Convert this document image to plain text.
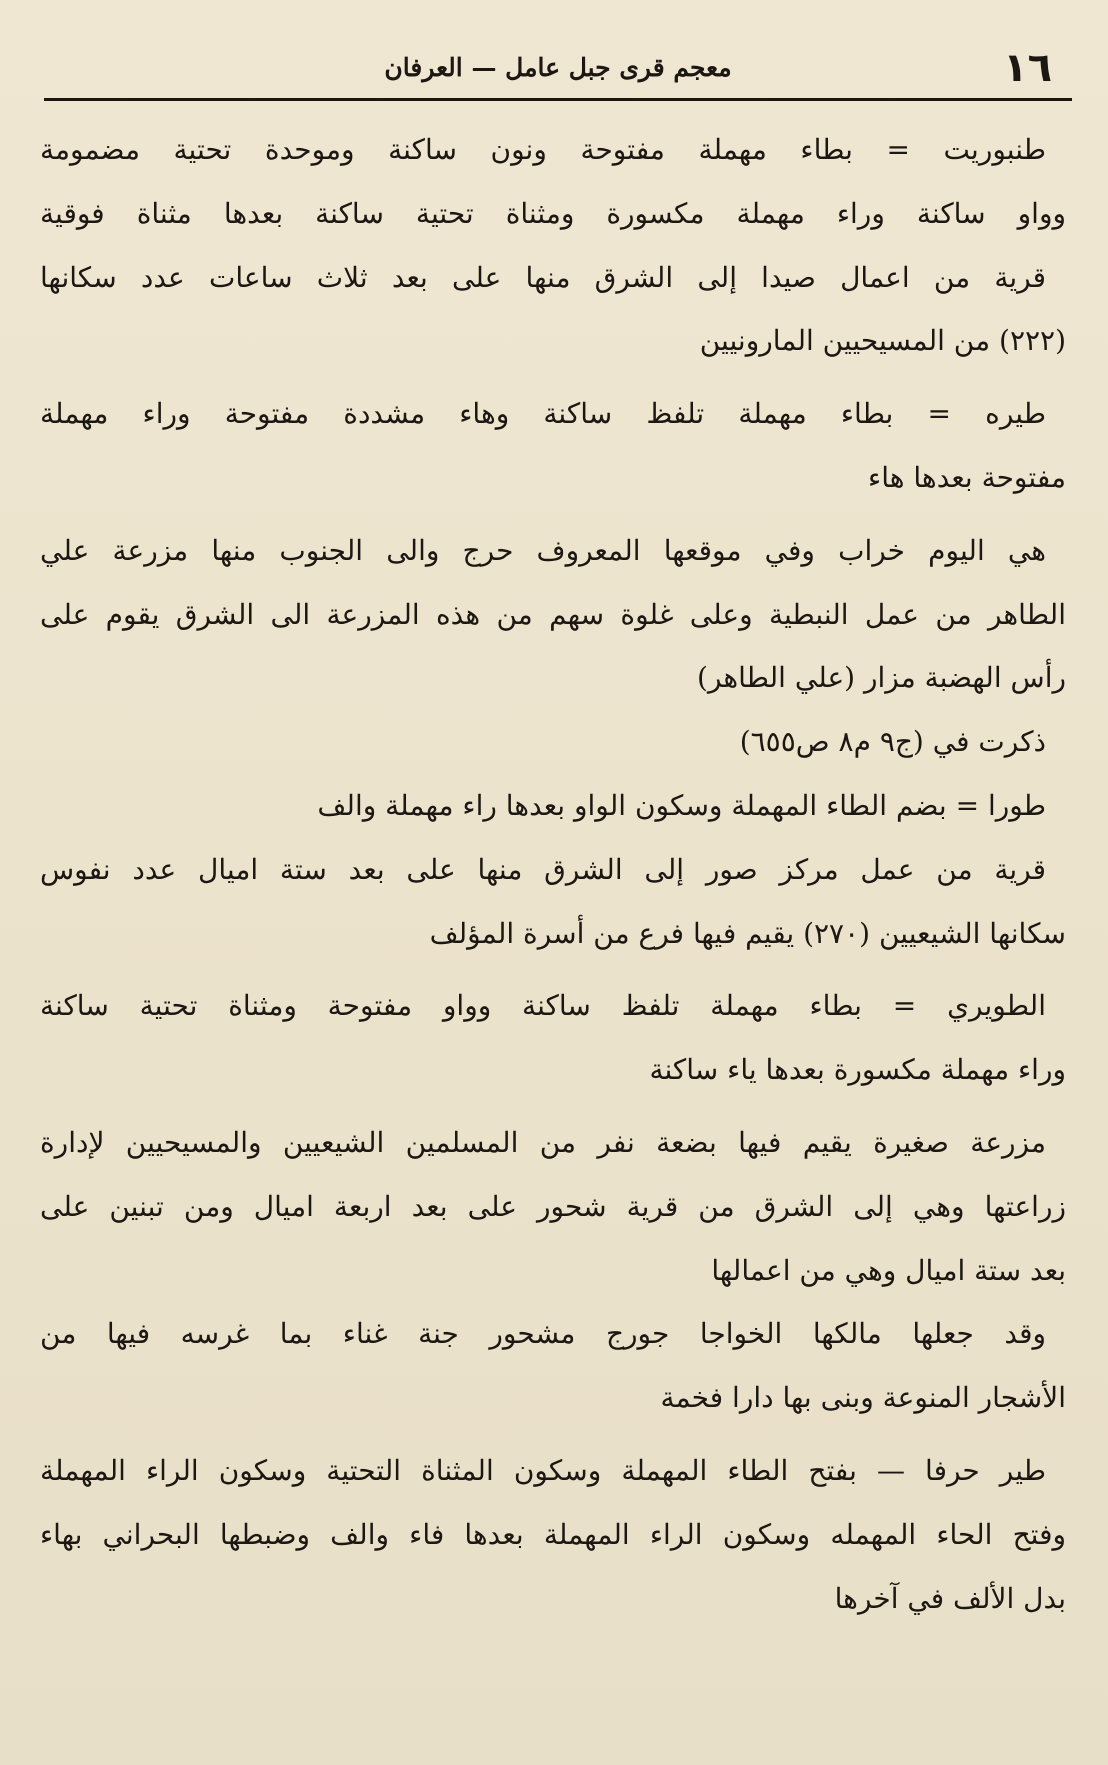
١٦
معجم قرى جبل عامل — العرفان
طنبوريت = بطاء مهملة مفتوحة ونون ساكنة وموحدة تحتية مضمومة
وواو ساكنة وراء مهملة مكسورة ومثناة تحتية ساكنة بعدها مثناة فوقية
قرية من اعمال صيدا إلى الشرق منها على بعد ثلاث ساعات عدد سكانها
(٢٢٢) من المسيحيين المارونيين
طيره = بطاء مهملة تلفظ ساكنة وهاء مشددة مفتوحة وراء مهملة
مفتوحة بعدها هاء
هي اليوم خراب وفي موقعها المعروف حرج والى الجنوب منها مزرعة علي
الطاهر من عمل النبطية وعلى غلوة سهم من هذه المزرعة الى الشرق يقوم على
رأس الهضبة مزار (علي الطاهر)
ذكرت في (ج٩ م٨ ص٦٥٥)
طورا = بضم الطاء المهملة وسكون الواو بعدها راء مهملة والف
قرية من عمل مركز صور إلى الشرق منها على بعد ستة اميال عدد نفوس
سكانها الشيعيين (٢٧٠) يقيم فيها فرع من أسرة المؤلف
الطويري = بطاء مهملة تلفظ ساكنة وواو مفتوحة ومثناة تحتية ساكنة
وراء مهملة مكسورة بعدها ياء ساكنة
مزرعة صغيرة يقيم فيها بضعة نفر من المسلمين الشيعيين والمسيحيين لإدارة
زراعتها وهي إلى الشرق من قرية شحور على بعد اربعة اميال ومن تبنين على
بعد ستة اميال وهي من اعمالها
وقد جعلها مالكها الخواجا جورج مشحور جنة غناء بما غرسه فيها من
الأشجار المنوعة وبنى بها دارا فخمة
طير حرفا — بفتح الطاء المهملة وسكون المثناة التحتية وسكون الراء المهملة
وفتح الحاء المهمله وسكون الراء المهملة بعدها فاء والف وضبطها البحراني بهاء
بدل الألف في آخرها
